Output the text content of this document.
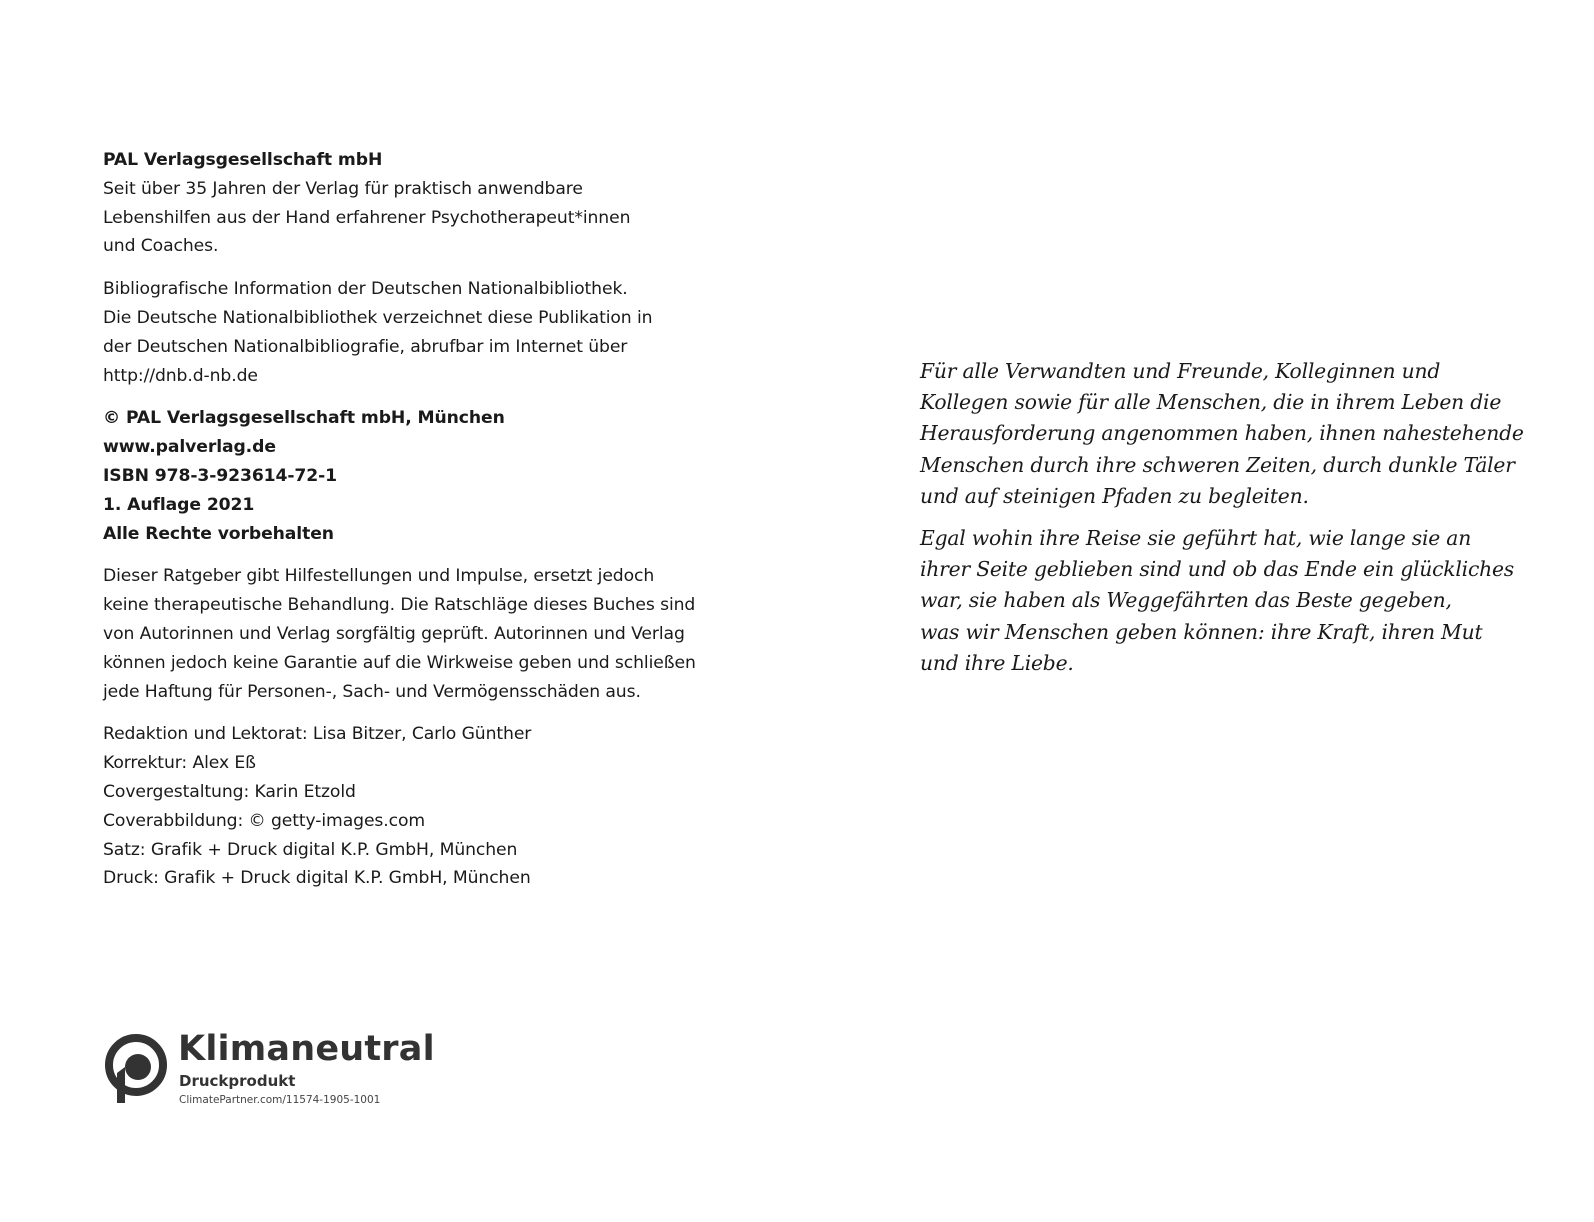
PAL Verlagsgesellschaft mbH
Seit über 35 Jahren der Verlag für praktisch anwendbare
Lebenshilfen aus der Hand erfahrener Psychotherapeut*innen
und Coaches.

Bibliografische Information der Deutschen Nationalbibliothek.
Die Deutsche Nationalbibliothek verzeichnet diese Publikation in
der Deutschen Nationalbibliografie, abrufbar im Internet über
http://dnb.d-nb.de

© PAL Verlagsgesellschaft mbH, München
www.palverlag.de
ISBN 978-3-923614-72-1
1. Auflage 2021
Alle Rechte vorbehalten

Dieser Ratgeber gibt Hilfestellungen und Impulse, ersetzt jedoch
keine therapeutische Behandlung. Die Ratschläge dieses Buches sind
von Autorinnen und Verlag sorgfältig geprüft. Autorinnen und Verlag
können jedoch keine Garantie auf die Wirkweise geben und schließen
jede Haftung für Personen-, Sach- und Vermögensschäden aus.

Redaktion und Lektorat: Lisa Bitzer, Carlo Günther
Korrektur: Alex Eß
Covergestaltung: Karin Etzold
Coverabbildung: © getty-images.com
Satz: Grafik + Druck digital K.P. GmbH, München
Druck: Grafik + Druck digital K.P. GmbH, München

Klimaneutral
Druckprodukt
ClimatePartner.com/11574-1905-1001

Für alle Verwandten und Freunde, Kolleginnen und
Kollegen sowie für alle Menschen, die in ihrem Leben die
Herausforderung angenommen haben, ihnen nahestehende
Menschen durch ihre schweren Zeiten, durch dunkle Täler
und auf steinigen Pfaden zu begleiten.

Egal wohin ihre Reise sie geführt hat, wie lange sie an
ihrer Seite geblieben sind und ob das Ende ein glückliches
war, sie haben als Weggefährten das Beste gegeben,
was wir Menschen geben können: ihre Kraft, ihren Mut
und ihre Liebe.
